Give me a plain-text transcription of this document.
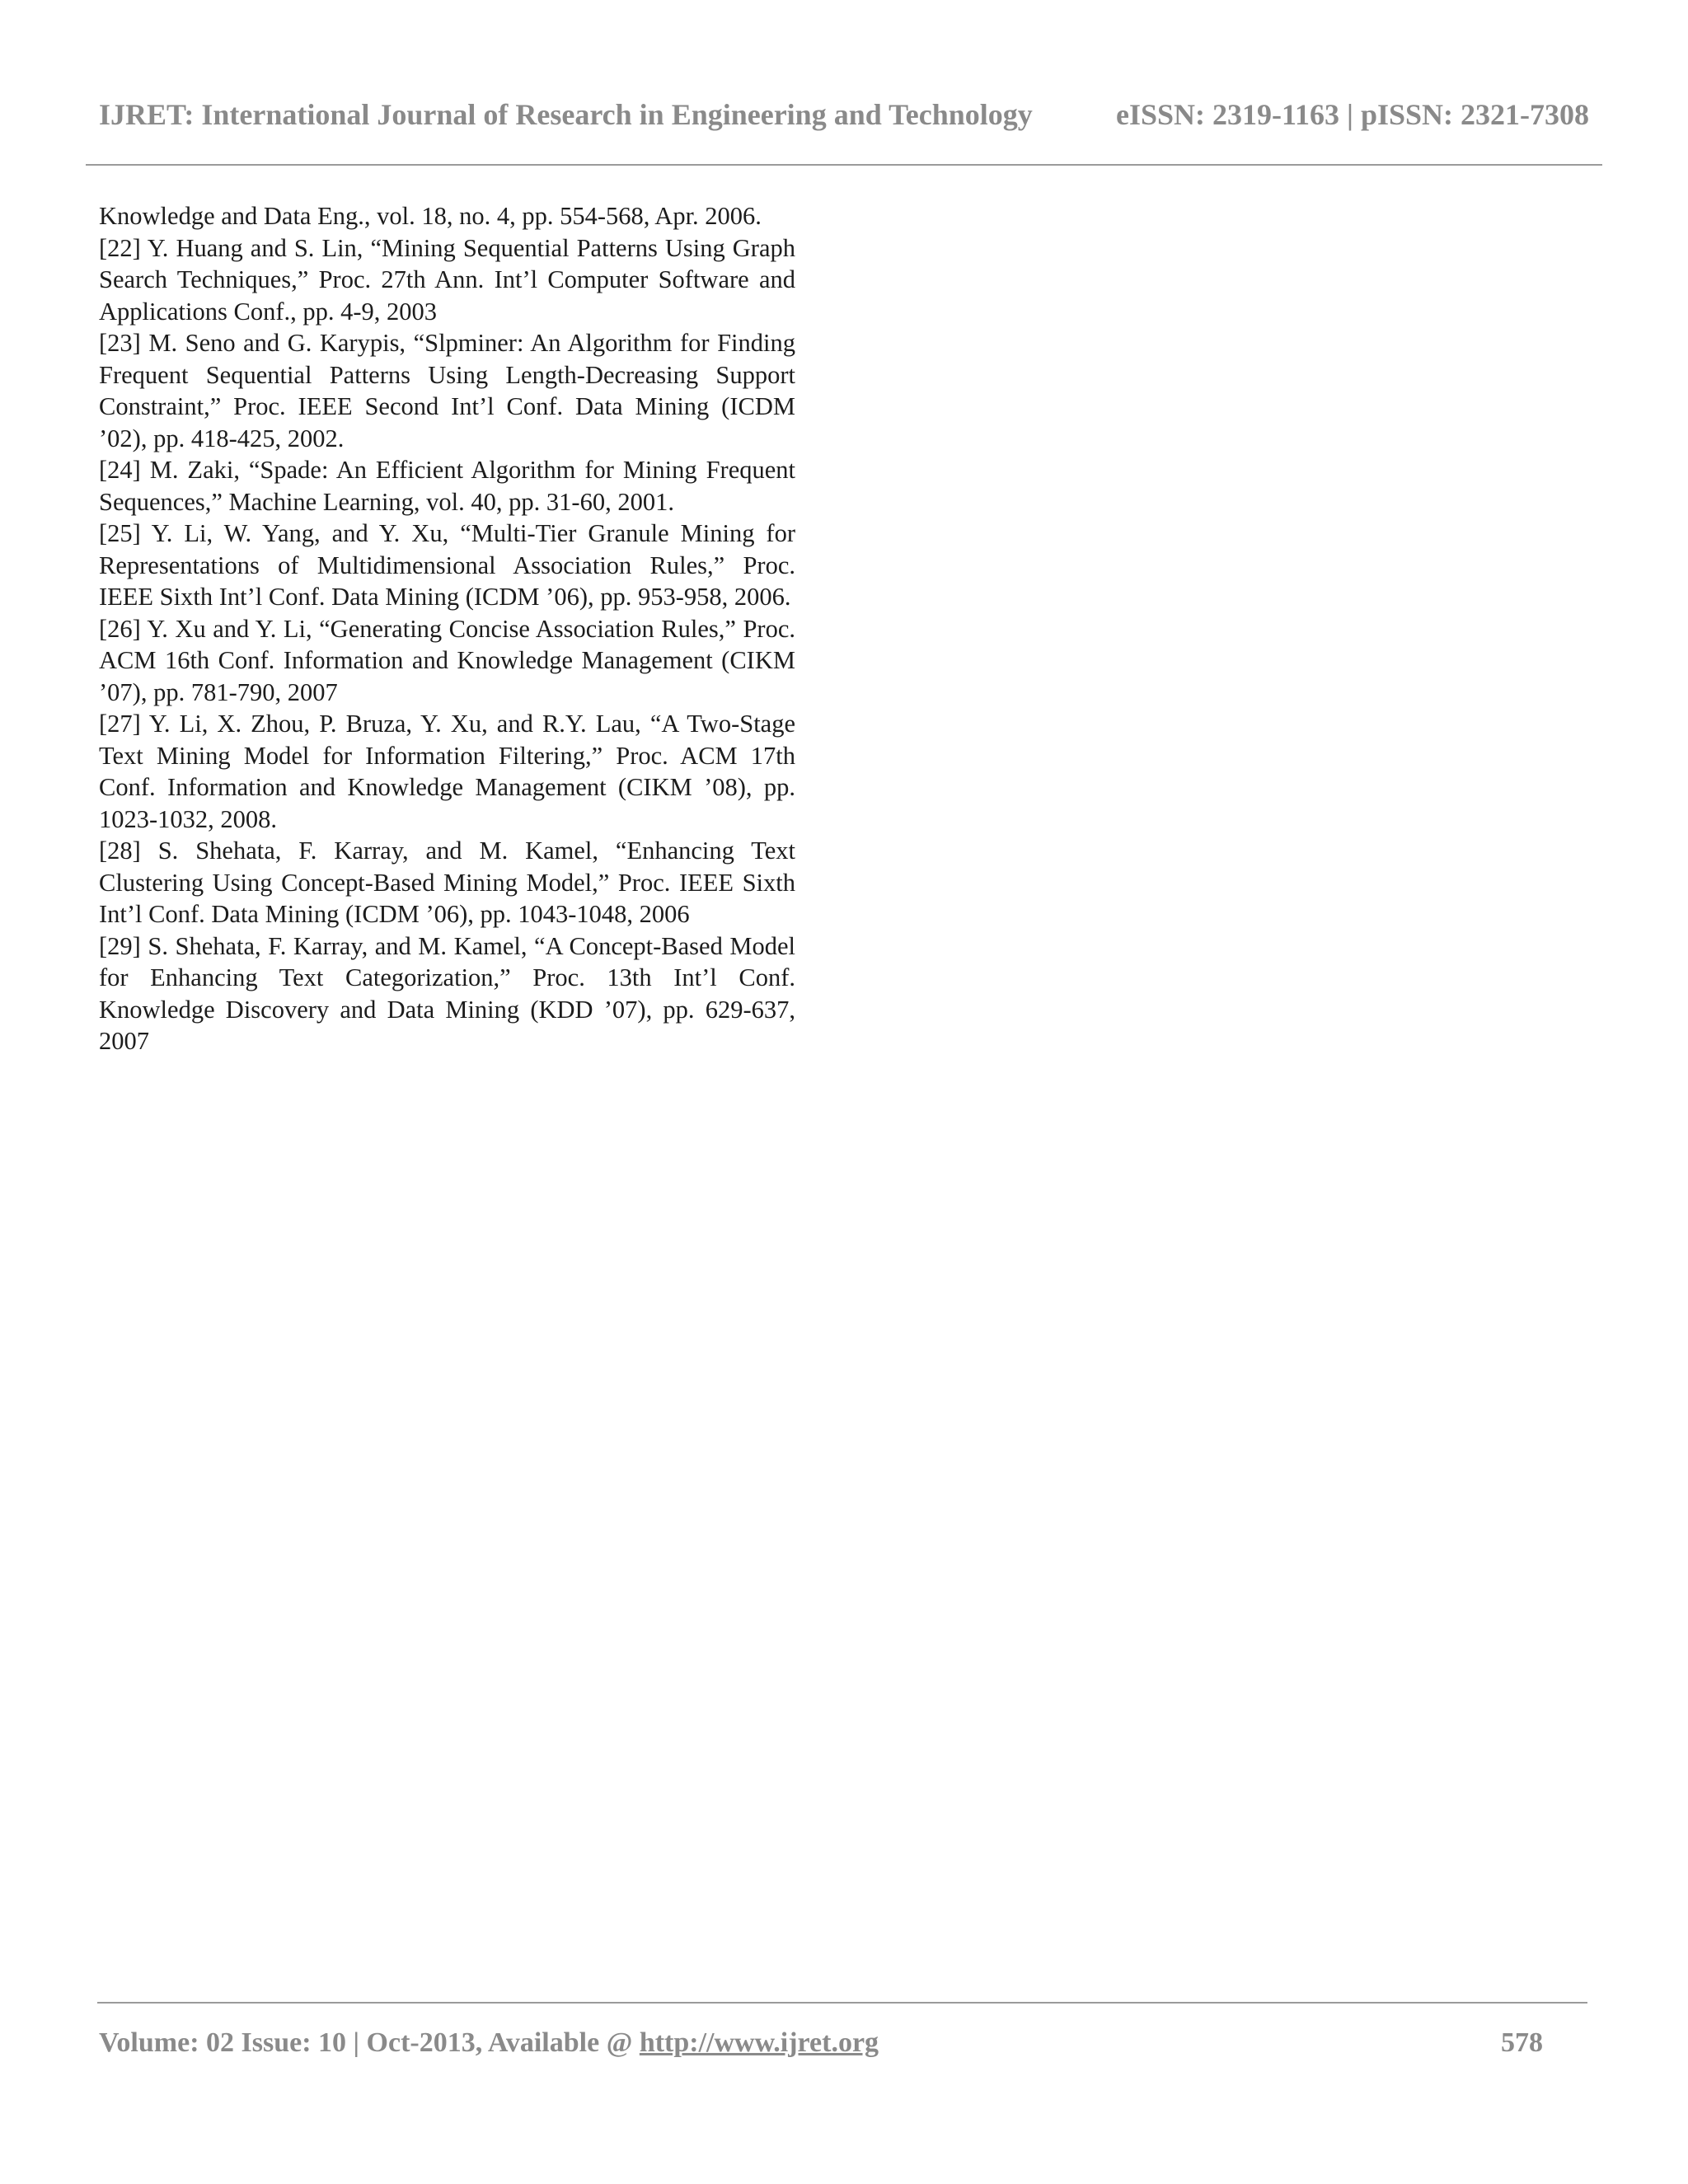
IJRET: International Journal of Research in Engineering and Technology	eISSN: 2319-1163 | pISSN: 2321-7308

Knowledge and Data Eng., vol. 18, no. 4, pp. 554-568, Apr. 2006.

[22] Y. Huang and S. Lin, “Mining Sequential Patterns Using Graph Search Techniques,” Proc. 27th Ann. Int’l Computer Software and Applications Conf., pp. 4-9, 2003

[23] M. Seno and G. Karypis, “Slpminer: An Algorithm for Finding Frequent Sequential Patterns Using Length-Decreasing Support Constraint,” Proc. IEEE Second Int’l Conf. Data Mining (ICDM ’02), pp. 418-425, 2002.

[24] M. Zaki, “Spade: An Efficient Algorithm for Mining Frequent Sequences,” Machine Learning, vol. 40, pp. 31-60, 2001.

[25] Y. Li, W. Yang, and Y. Xu, “Multi-Tier Granule Mining for Representations of Multidimensional Association Rules,” Proc. IEEE Sixth Int’l Conf. Data Mining (ICDM ’06), pp. 953-958, 2006.

[26] Y. Xu and Y. Li, “Generating Concise Association Rules,” Proc. ACM 16th Conf. Information and Knowledge Management (CIKM ’07), pp. 781-790, 2007

[27] Y. Li, X. Zhou, P. Bruza, Y. Xu, and R.Y. Lau, “A Two-Stage Text Mining Model for Information Filtering,” Proc. ACM 17th Conf. Information and Knowledge Management (CIKM ’08), pp. 1023-1032, 2008.

[28] S. Shehata, F. Karray, and M. Kamel, “Enhancing Text Clustering Using Concept-Based Mining Model,” Proc. IEEE Sixth Int’l Conf. Data Mining (ICDM ’06), pp. 1043-1048, 2006

[29] S. Shehata, F. Karray, and M. Kamel, “A Concept-Based Model for Enhancing Text Categorization,” Proc. 13th Int’l Conf. Knowledge Discovery and Data Mining (KDD ’07), pp. 629-637, 2007

Volume: 02 Issue: 10 | Oct-2013, Available @ http://www.ijret.org	578
